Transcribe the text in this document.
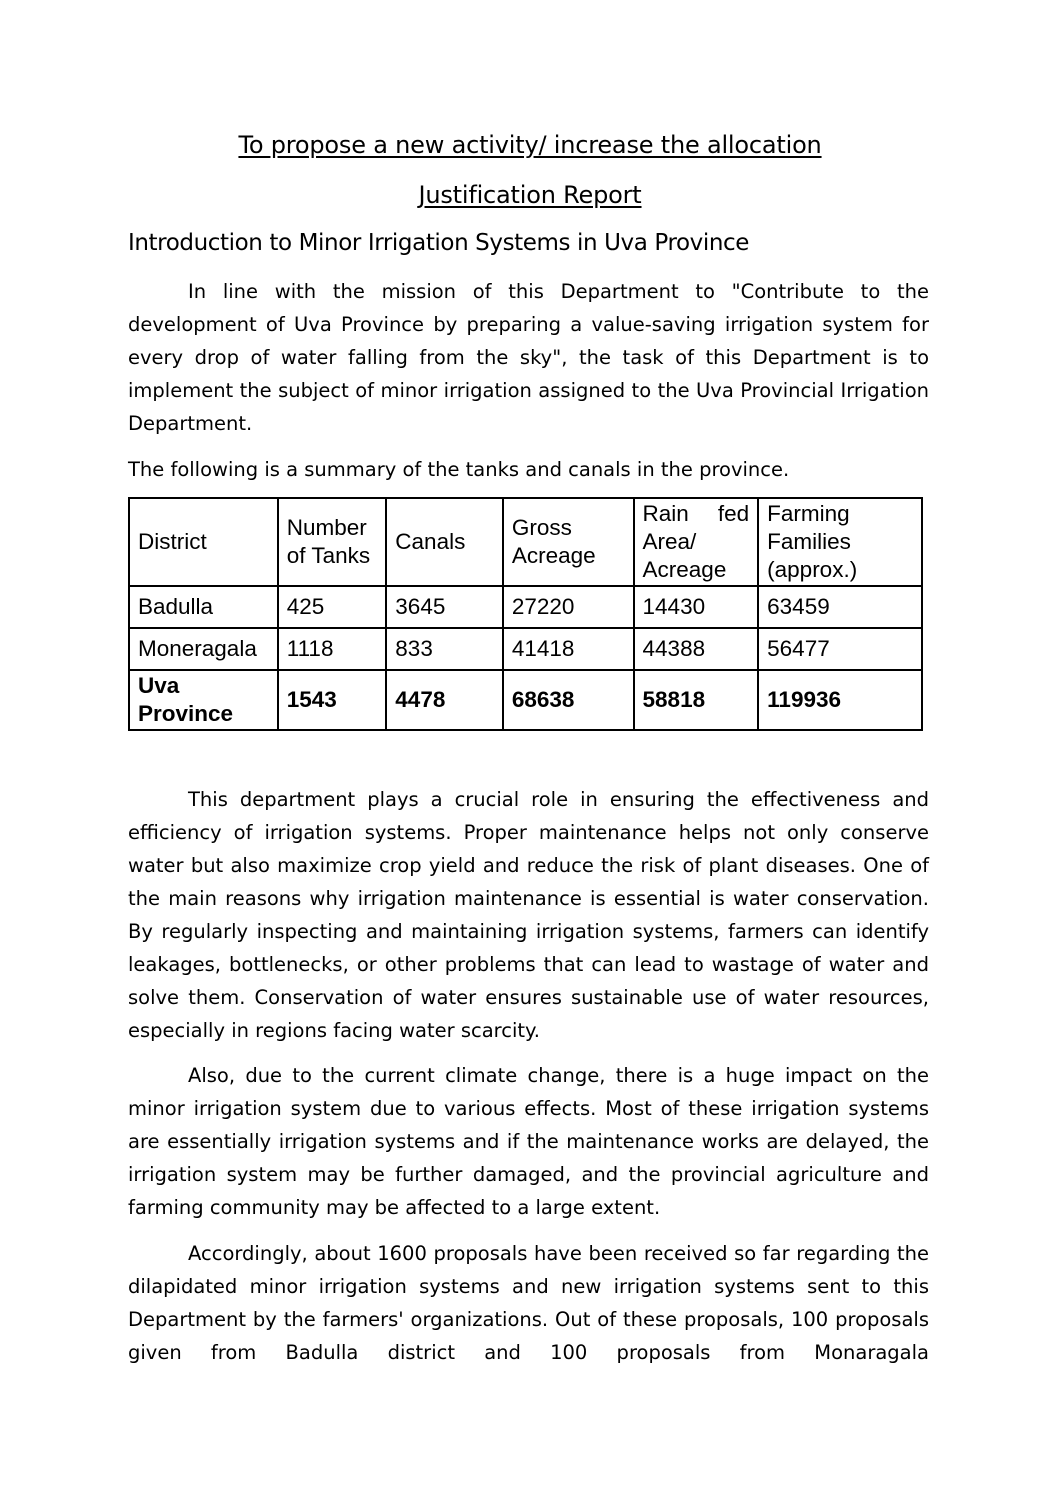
To propose a new activity/ increase the allocation
Justification Report
Introduction to Minor Irrigation Systems in Uva Province

In line with the mission of this Department to "Contribute to the development of Uva Province by preparing a value-saving irrigation system for every drop of water falling from the sky", the task of this Department is to implement the subject of minor irrigation assigned to the Uva Provincial Irrigation Department.

The following is a summary of the tanks and canals in the province.

District	Number of Tanks	Canals	Gross Acreage	Rain fed Area/ Acreage	Farming Families (approx.)
Badulla	425	3645	27220	14430	63459
Moneragala	1118	833	41418	44388	56477
Uva Province	1543	4478	68638	58818	119936

This department plays a crucial role in ensuring the effectiveness and efficiency of irrigation systems. Proper maintenance helps not only conserve water but also maximize crop yield and reduce the risk of plant diseases. One of the main reasons why irrigation maintenance is essential is water conservation. By regularly inspecting and maintaining irrigation systems, farmers can identify leakages, bottlenecks, or other problems that can lead to wastage of water and solve them. Conservation of water ensures sustainable use of water resources, especially in regions facing water scarcity.

Also, due to the current climate change, there is a huge impact on the minor irrigation system due to various effects. Most of these irrigation systems are essentially irrigation systems and if the maintenance works are delayed, the irrigation system may be further damaged, and the provincial agriculture and farming community may be affected to a large extent.

Accordingly, about 1600 proposals have been received so far regarding the dilapidated minor irrigation systems and new irrigation systems sent to this Department by the farmers' organizations. Out of these proposals, 100 proposals given from Badulla district and 100 proposals from Monaragala
